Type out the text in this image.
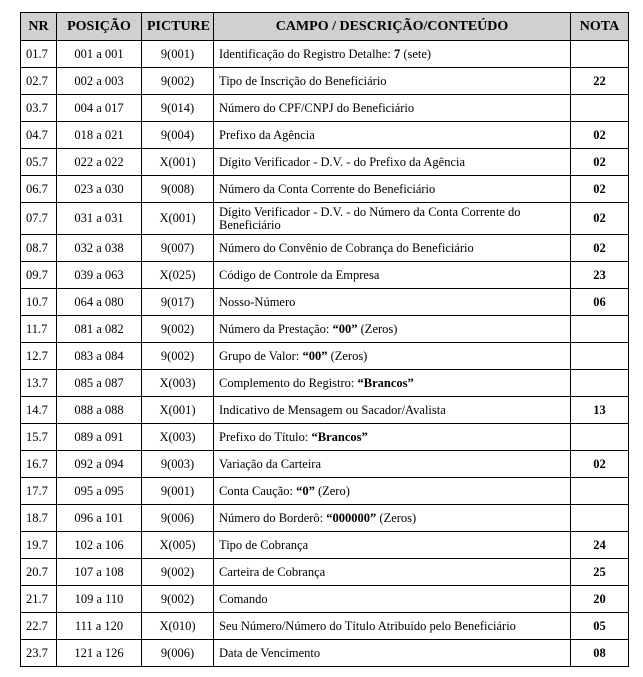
NR	POSIÇÃO	PICTURE	CAMPO / DESCRIÇÃO/CONTEÚDO	NOTA
01.7	001 a 001	9(001)	Identificação do Registro Detalhe: 7 (sete)	
02.7	002 a 003	9(002)	Tipo de Inscrição do Beneficiário	22
03.7	004 a 017	9(014)	Número do CPF/CNPJ do Beneficiário	
04.7	018 a 021	9(004)	Prefixo da Agência	02
05.7	022 a 022	X(001)	Dígito Verificador - D.V. - do Prefixo da Agência	02
06.7	023 a 030	9(008)	Número da Conta Corrente do Beneficiário	02
07.7	031 a 031	X(001)	Dígito Verificador - D.V. - do Número da Conta Corrente do Beneficiário	02
08.7	032 a 038	9(007)	Número do Convênio de Cobrança do Beneficiário	02
09.7	039 a 063	X(025)	Código de Controle da Empresa	23
10.7	064 a 080	9(017)	Nosso-Número	06
11.7	081 a 082	9(002)	Número da Prestação: “00” (Zeros)	
12.7	083 a 084	9(002)	Grupo de Valor: “00” (Zeros)	
13.7	085 a 087	X(003)	Complemento do Registro: “Brancos”	
14.7	088 a 088	X(001)	Indicativo de Mensagem ou Sacador/Avalista	13
15.7	089 a 091	X(003)	Prefixo do Título: “Brancos”	
16.7	092 a 094	9(003)	Variação da Carteira	02
17.7	095 a 095	9(001)	Conta Caução: “0” (Zero)	
18.7	096 a 101	9(006)	Número do Borderô: “000000” (Zeros)	
19.7	102 a 106	X(005)	Tipo de Cobrança	24
20.7	107 a 108	9(002)	Carteira de Cobrança	25
21.7	109 a 110	9(002)	Comando	20
22.7	111 a 120	X(010)	Seu Número/Número do Título Atribuído pelo Beneficiário	05
23.7	121 a 126	9(006)	Data de Vencimento	08
